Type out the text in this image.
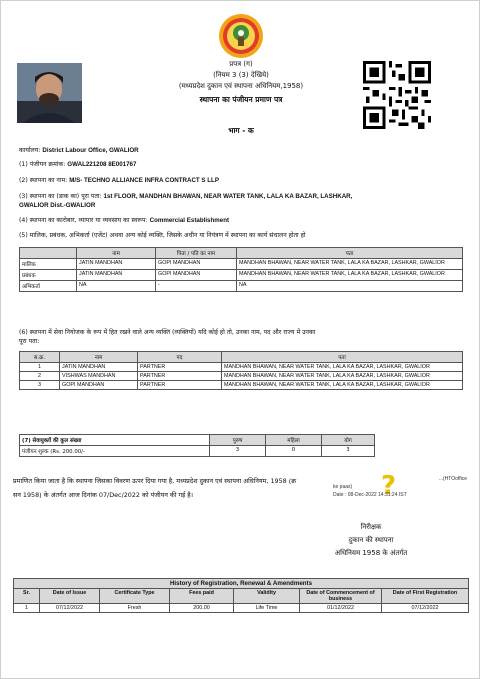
प्रपत्र (ग)
(नियम 3 (3) देखिये)
(मध्यप्रदेश दुकान एवं स्थापना अधिनियम,1958)
स्थापना का पंजीयन प्रमाण पत्र
भाग - क
कार्यालय: District Labour Office, GWALIOR
(1) पंजीयन क्रमांक: GWAL221208 8E001767
(2) स्थापना का नाम: M/S- TECHNO ALLIANCE INFRA CONTRACT S LLP
(3) स्थापना का (डाक का) पूरा पता: 1st FLOOR, MANDHAN BHAWAN, NEAR WATER TANK, LALA KA BAZAR, LASHKAR,
GWALIOR Dist.-GWALIOR
(4) स्थापना का कारोबार, व्यापार या व्यवसाय का स्वरूप: Commercial Establishment
(5) मालिक, प्रबंधक, अभिकर्ता (एजेंट) अथवा अन्य कोई व्यक्ति, जिसके अधीन या नियंत्रण में स्थापना का कार्य संचालन होता हो
	नाम	पिता / पति का नाम	पता
मालिक	JATIN MANDHAN	GOPI MANDHAN	MANDHAN BHAWAN, NEAR WATER TANK, LALA KA BAZAR, LASHKAR, GWALIOR
प्रबंधक	JATIN MANDHAN	GOPI MANDHAN	MANDHAN BHAWAN, NEAR WATER TANK, LALA KA BAZAR, LASHKAR, GWALIOR
अभिकर्ता	NA	-	NA
(6) स्थापना में सेवा नियोजक के रूप में हित रखने वाले अन्य व्यक्ति (व्यक्तियों) यदि कोई हो तो, उनका नाम, पद और राज्य में उनका
पूरा पता:
स.क्र.	नाम	पद	पता
1	JATIN MANDHAN	PARTNER	MANDHAN BHAWAN, NEAR WATER TANK, LALA KA BAZAR, LASHKAR, GWALIOR
2	VISHWAS MANDHAN	PARTNER	MANDHAN BHAWAN, NEAR WATER TANK, LALA KA BAZAR, LASHKAR, GWALIOR
3	GOPI MANDHAN	PARTNER	MANDHAN BHAWAN, NEAR WATER TANK, LALA KA BAZAR, LASHKAR, GWALIOR
(7) सेवायुक्तों की कुल संख्या	पुरुष	महिला	योग
पंजीयन शुल्क (Rs. 200.00/-	3	0	3
प्रमाणित किया जाता है कि स्थापना जिसका विवरण ऊपर दिया गया है, मध्यप्रदेश दुकान एवं स्थापना अधिनियम, 1958 (क्र
सन 1958) के अंतर्गत आज दिनांक 07/Dec/2022 को पंजीयन की गई है।	?	...(HTOoffice
ke paas)
Date : 08-Dec-2022 14:31:24 IST
निरीक्षक
दुकान की स्थापना
अधिनियम 1958 के अंतर्गत
History of Registration, Renewal & Amendments						
Sr.	Date of Issue	Certificate Type	Fees paid	Validity	Date of Commencement of business	Date of First Registration
1	07/12/2022	Fresh	200.00	Life Time	01/12/2022	07/12/2022
